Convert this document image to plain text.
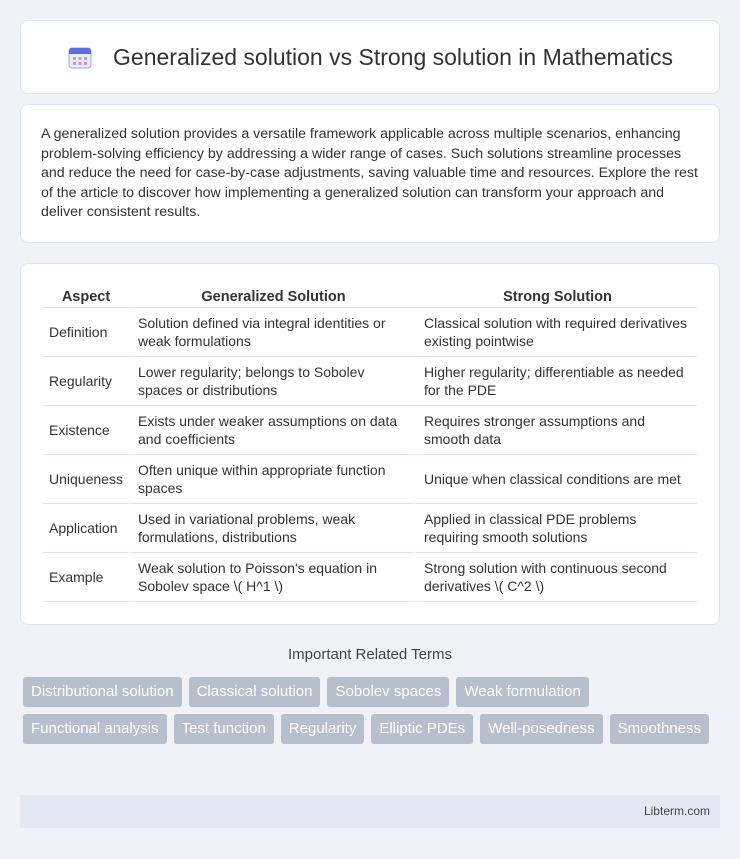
Generalized solution vs Strong solution in Mathematics

A generalized solution provides a versatile framework applicable across multiple scenarios, enhancing problem-solving efficiency by addressing a wider range of cases. Such solutions streamline processes and reduce the need for case-by-case adjustments, saving valuable time and resources. Explore the rest of the article to discover how implementing a generalized solution can transform your approach and deliver consistent results.

Aspect	Generalized Solution	Strong Solution
Definition	Solution defined via integral identities or weak formulations	Classical solution with required derivatives existing pointwise
Regularity	Lower regularity; belongs to Sobolev spaces or distributions	Higher regularity; differentiable as needed for the PDE
Existence	Exists under weaker assumptions on data and coefficients	Requires stronger assumptions and smooth data
Uniqueness	Often unique within appropriate function spaces	Unique when classical conditions are met
Application	Used in variational problems, weak formulations, distributions	Applied in classical PDE problems requiring smooth solutions
Example	Weak solution to Poisson's equation in Sobolev space \( H^1 \)	Strong solution with continuous second derivatives \( C^2 \)
Important Related Terms
Distributional solution	Classical solution	Sobolev spaces	Weak formulation
Functional analysis	Test function	Regularity	Elliptic PDEs	Well-posedness	Smoothness
Libterm.com
